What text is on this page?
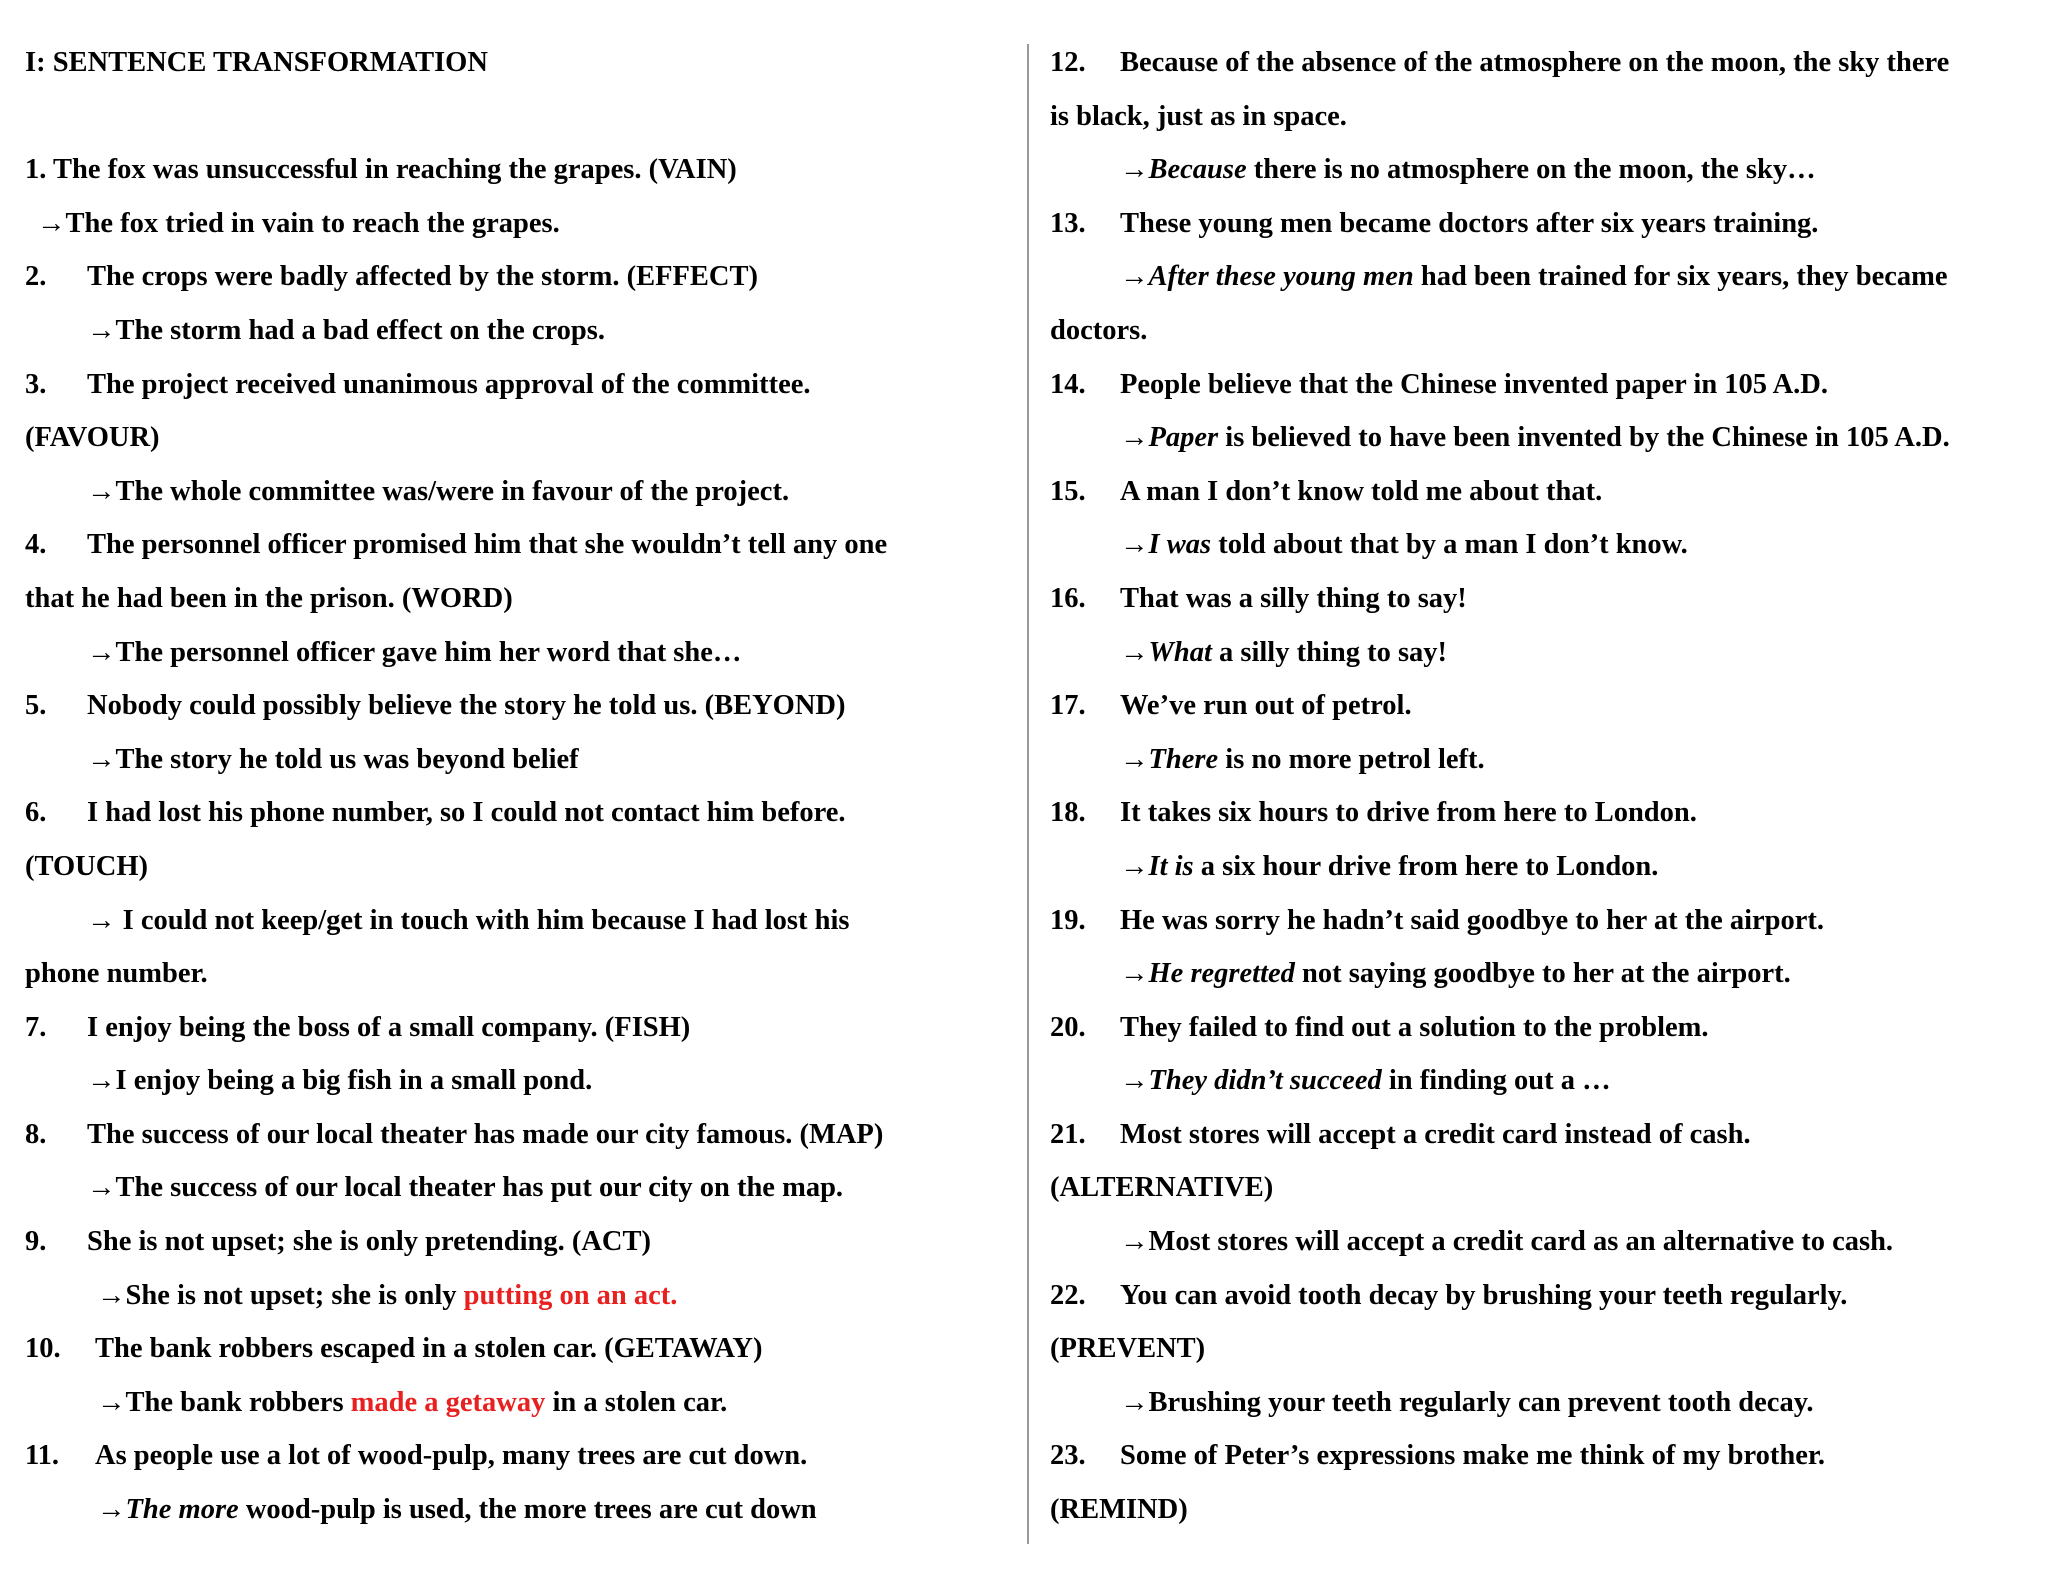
I: SENTENCE TRANSFORMATION
1. The fox was unsuccessful in reaching the grapes. (VAIN)
→The fox tried in vain to reach the grapes.
2. The crops were badly affected by the storm. (EFFECT)
→The storm had a bad effect on the crops.
3. The project received unanimous approval of the committee.
(FAVOUR)
→The whole committee was/were in favour of the project.
4. The personnel officer promised him that she wouldn’t tell any one
that he had been in the prison. (WORD)
→The personnel officer gave him her word that she…
5. Nobody could possibly believe the story he told us. (BEYOND)
→The story he told us was beyond belief
6. I had lost his phone number, so I could not contact him before.
(TOUCH)
→ I could not keep/get in touch with him because I had lost his
phone number.
7. I enjoy being the boss of a small company. (FISH)
→I enjoy being a big fish in a small pond.
8. The success of our local theater has made our city famous. (MAP)
→The success of our local theater has put our city on the map.
9. She is not upset; she is only pretending. (ACT)
→She is not upset; she is only putting on an act.
10. The bank robbers escaped in a stolen car. (GETAWAY)
→The bank robbers made a getaway in a stolen car.
11. As people use a lot of wood-pulp, many trees are cut down.
→The more wood-pulp is used, the more trees are cut down
12. Because of the absence of the atmosphere on the moon, the sky there
is black, just as in space.
→Because there is no atmosphere on the moon, the sky…
13. These young men became doctors after six years training.
→After these young men had been trained for six years, they became
doctors.
14. People believe that the Chinese invented paper in 105 A.D.
→Paper is believed to have been invented by the Chinese in 105 A.D.
15. A man I don’t know told me about that.
→I was told about that by a man I don’t know.
16. That was a silly thing to say!
→What a silly thing to say!
17. We’ve run out of petrol.
→There is no more petrol left.
18. It takes six hours to drive from here to London.
→It is a six hour drive from here to London.
19. He was sorry he hadn’t said goodbye to her at the airport.
→He regretted not saying goodbye to her at the airport.
20. They failed to find out a solution to the problem.
→They didn’t succeed in finding out a …
21. Most stores will accept a credit card instead of cash.
(ALTERNATIVE)
→Most stores will accept a credit card as an alternative to cash.
22. You can avoid tooth decay by brushing your teeth regularly.
(PREVENT)
→Brushing your teeth regularly can prevent tooth decay.
23. Some of Peter’s expressions make me think of my brother.
(REMIND)
